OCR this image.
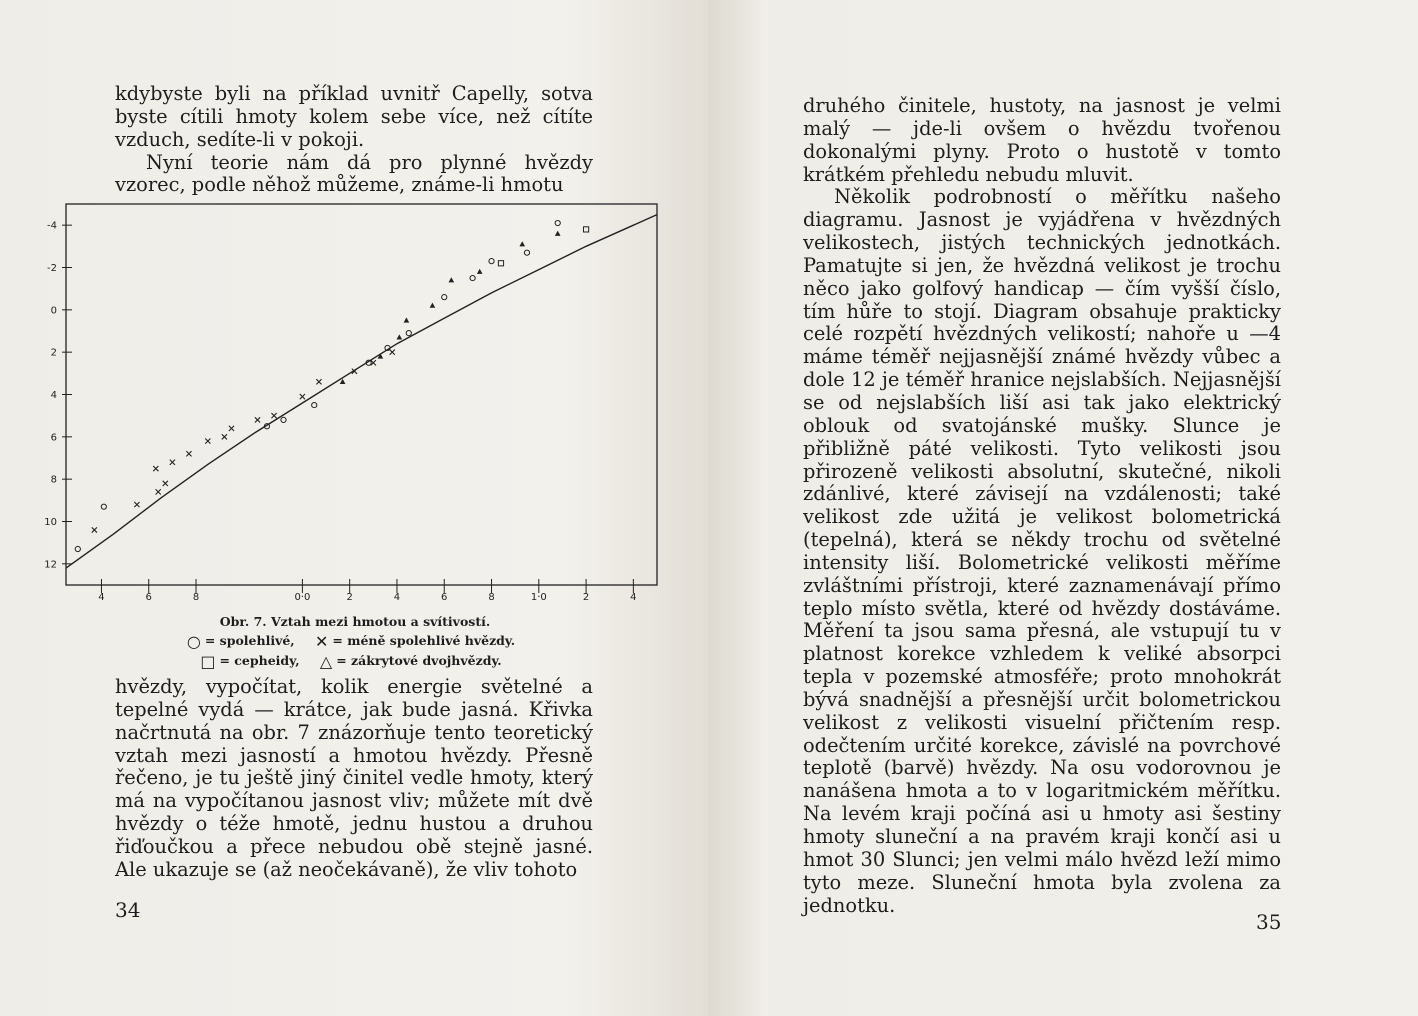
kdybyste byli na příklad uvnitř Capelly, sotva byste cítili hmoty kolem sebe více, než cítíte vzduch, sedíte-li v pokoji.

Nyní teorie nám dá pro plynné hvězdy vzorec, podle něhož můžeme, známe-li hmotu

-4
-2
0
2
4
6
8
10
12
4	6	8	0·0	2	4	6	8	1·0	2	4
Obr. 7. Vztah mezi hmotou a svítivostí.
○ = spolehlivé, ✕ = méně spolehlivé hvězdy.
□ = cepheidy, △ = zákrytové dvojhvězdy.

hvězdy, vypočítat, kolik energie světelné a tepelné vydá — krátce, jak bude jasná. Křivka načrtnutá na obr. 7 znázorňuje tento teoretický vztah mezi jasností a hmotou hvězdy. Přesně řečeno, je tu ještě jiný činitel vedle hmoty, který má na vypočítanou jasnost vliv; můžete mít dvě hvězdy o téže hmotě, jednu hustou a druhou řiďoučkou a přece nebudou obě stejně jasné. Ale ukazuje se (až neočekávaně), že vliv tohoto

34

druhého činitele, hustoty, na jasnost je velmi malý — jde-li ovšem o hvězdu tvořenou dokonalými plyny. Proto o hustotě v tomto krátkém přehledu nebudu mluvit.

Několik podrobností o měřítku našeho diagramu. Jasnost je vyjádřena v hvězdných velikostech, jistých technických jednotkách. Pamatujte si jen, že hvězdná velikost je trochu něco jako golfový handicap — čím vyšší číslo, tím hůře to stojí. Diagram obsahuje prakticky celé rozpětí hvězdných velikostí; nahoře u —4 máme téměř nejjasnější známé hvězdy vůbec a dole 12 je téměř hranice nejslabších. Nejjasnější se od nejslabších liší asi tak jako elektrický oblouk od svatojánské mušky. Slunce je přibližně páté velikosti. Tyto velikosti jsou přirozeně velikosti absolutní, skutečné, nikoli zdánlivé, které závisejí na vzdálenosti; také velikost zde užitá je velikost bolometrická (tepelná), která se někdy trochu od světelné intensity liší. Bolometrické velikosti měříme zvláštními přístroji, které zaznamenávají přímo teplo místo světla, které od hvězdy dostáváme. Měření ta jsou sama přesná, ale vstupují tu v platnost korekce vzhledem k veliké absorpci tepla v pozemské atmosféře; proto mnohokrát bývá snadnější a přesnější určit bolometrickou velikost z velikosti visuelní přičtením resp. odečtením určité korekce, závislé na povrchové teplotě (barvě) hvězdy. Na osu vodorovnou je nanášena hmota a to v logaritmickém měřítku. Na levém kraji počíná asi u hmoty asi šestiny hmoty sluneční a na pravém kraji končí asi u hmot 30 Slunci; jen velmi málo hvězd leží mimo tyto meze. Sluneční hmota byla zvolena za jednotku.

35
